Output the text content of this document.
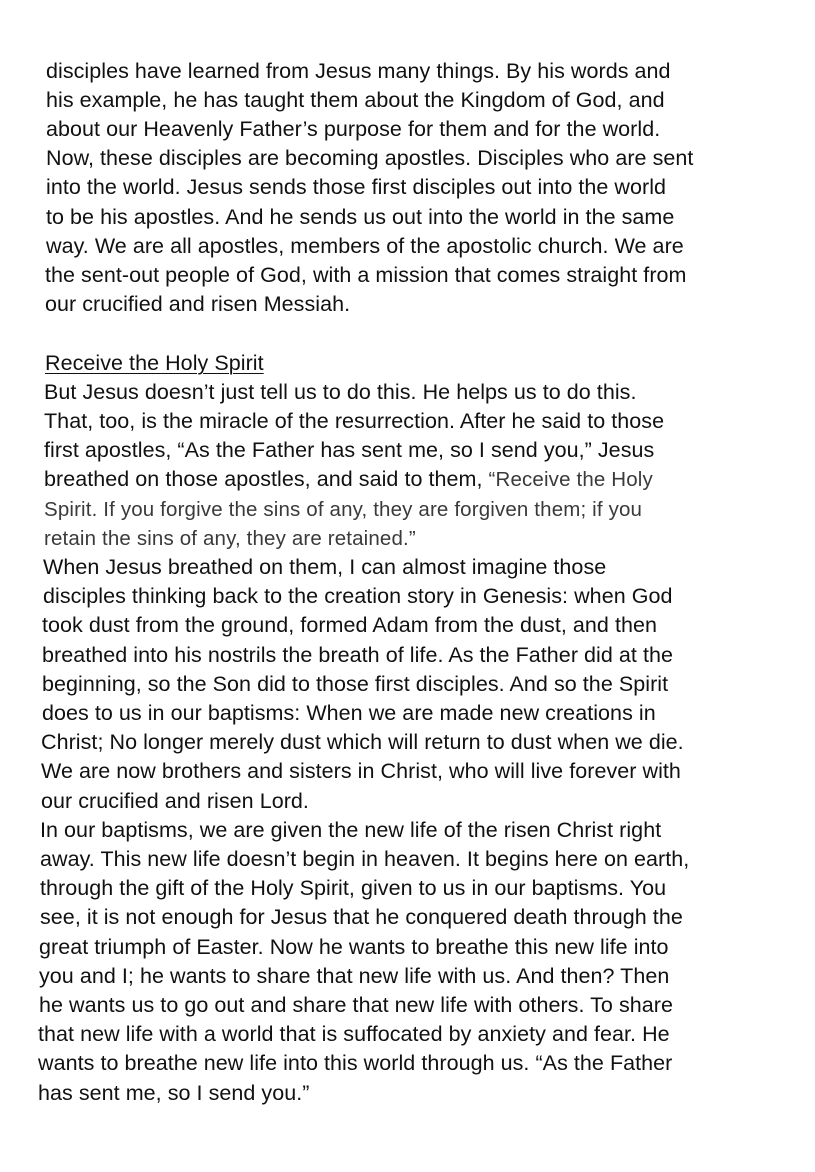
disciples have learned from Jesus many things. By his words and
his example, he has taught them about the Kingdom of God, and
about our Heavenly Father’s purpose for them and for the world.
Now, these disciples are becoming apostles. Disciples who are sent
into the world. Jesus sends those first disciples out into the world
to be his apostles. And he sends us out into the world in the same
way. We are all apostles, members of the apostolic church. We are
the sent-out people of God, with a mission that comes straight from
our crucified and risen Messiah.
Receive the Holy Spirit
But Jesus doesn’t just tell us to do this. He helps us to do this.
That, too, is the miracle of the resurrection. After he said to those
first apostles, “As the Father has sent me, so I send you,” Jesus
breathed on those apostles, and said to them, “Receive the Holy
Spirit. If you forgive the sins of any, they are forgiven them; if you
retain the sins of any, they are retained.”
When Jesus breathed on them, I can almost imagine those
disciples thinking back to the creation story in Genesis: when God
took dust from the ground, formed Adam from the dust, and then
breathed into his nostrils the breath of life. As the Father did at the
beginning, so the Son did to those first disciples. And so the Spirit
does to us in our baptisms: When we are made new creations in
Christ; No longer merely dust which will return to dust when we die.
We are now brothers and sisters in Christ, who will live forever with
our crucified and risen Lord.
In our baptisms, we are given the new life of the risen Christ right
away. This new life doesn’t begin in heaven. It begins here on earth,
through the gift of the Holy Spirit, given to us in our baptisms. You
see, it is not enough for Jesus that he conquered death through the
great triumph of Easter. Now he wants to breathe this new life into
you and I; he wants to share that new life with us. And then? Then
he wants us to go out and share that new life with others. To share
that new life with a world that is suffocated by anxiety and fear. He
wants to breathe new life into this world through us. “As the Father
has sent me, so I send you.”
